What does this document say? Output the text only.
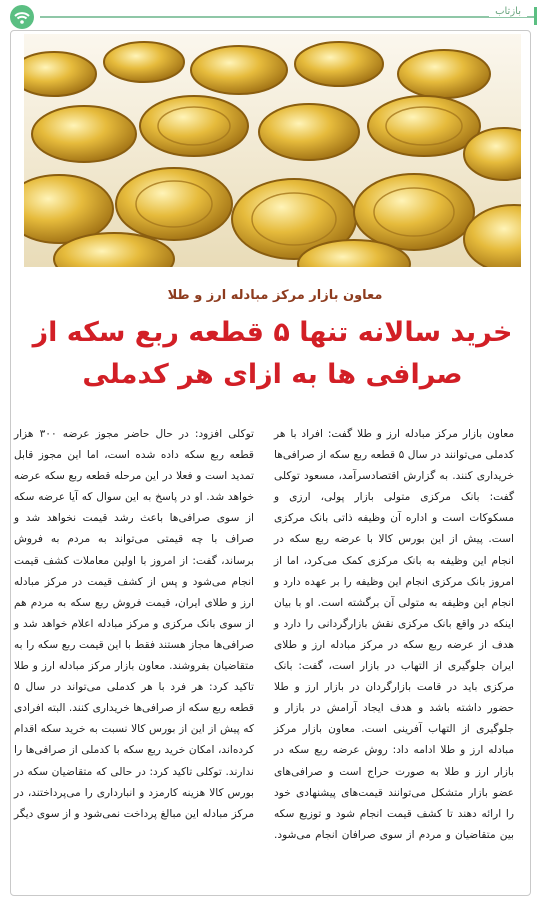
بازتاب
معاون بازار مرکز مبادله ارز و طلا
خرید سالانه تنها ۵ قطعه ربع سکه از صرافی ها به ازای هر کدملی
معاون بازار مرکز مبادله ارز و طلا گفت: افراد با هر کدملی می‌توانند در سال ۵ قطعه ربع سکه از صرافی‌ها خریداری کنند. به گزارش اقتصادسرآمد، مسعود توکلی گفت: بانک مرکزی متولی بازار پولی، ارزی و مسکوکات است و اداره آن وظیفه ذاتی بانک مرکزی است. پیش از این بورس کالا با عرضه ربع سکه در انجام این وظیفه به بانک مرکزی کمک می‌کرد، اما از امروز بانک مرکزی انجام این وظیفه را بر عهده دارد و انجام این وظیفه به متولی آن برگشته است. او با بیان اینکه در واقع بانک مرکزی نقش بازارگردانی را دارد و هدف از عرضه ربع سکه در مرکز مبادله ارز و طلای ایران جلوگیری از التهاب در بازار است، گفت: بانک مرکزی باید در قامت بازارگردان در بازار ارز و طلا حضور داشته باشد و هدف ایجاد آرامش در بازار و جلوگیری از التهاب آفرینی است. معاون بازار مرکز مبادله ارز و طلا ادامه داد: روش عرضه ربع سکه در بازار ارز و طلا به صورت حراج است و صرافی‌های عضو بازار متشکل می‌توانند قیمت‌های پیشنهادی خود را ارائه دهند تا کشف قیمت انجام شود و توزیع سکه بین متقاضیان و مردم از سوی صرافان انجام می‌شود. توکلی افزود: در حال حاضر مجوز عرضه ۳۰۰ هزار قطعه ربع سکه داده شده است، اما این مجوز قابل تمدید است و فعلا در این مرحله قطعه ربع سکه عرضه خواهد شد. او در پاسخ به این سوال که آیا عرضه سکه از سوی صرافی‌ها باعث رشد قیمت نخواهد شد و صراف با چه قیمتی می‌تواند به مردم به فروش برساند، گفت: از امروز با اولین معاملات کشف قیمت انجام می‌شود و پس از کشف قیمت در مرکز مبادله ارز و طلای ایران، قیمت فروش ربع سکه به مردم هم از سوی بانک مرکزی و مرکز مبادله اعلام خواهد شد و صرافی‌ها مجاز هستند فقط با این قیمت ربع سکه را به متقاضیان بفروشند. معاون بازار مرکز مبادله ارز و طلا تاکید کرد: هر فرد با هر کدملی می‌تواند در سال ۵ قطعه ربع سکه از صرافی‌ها خریداری کنند. البته افرادی که پیش از این از بورس کالا نسبت به خرید سکه اقدام کرده‌اند، امکان خرید ربع سکه با کدملی از صرافی‌ها را ندارند. توکلی تاکید کرد: در حالی که متقاضیان سکه در بورس کالا هزینه کارمزد و انبارداری را می‌پرداختند، در مرکز مبادله این مبالغ پرداخت نمی‌شود و از سوی دیگر
